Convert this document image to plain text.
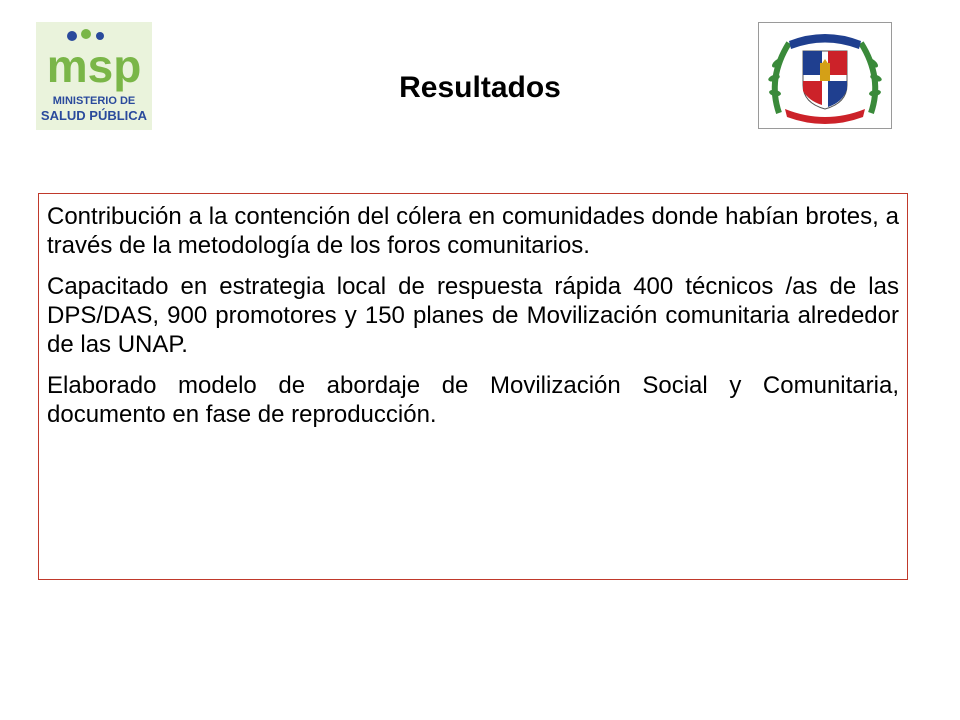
msp
MINISTERIO DE
SALUD PÚBLICA
Resultados

Contribución a la contención del cólera en comunidades donde habían brotes, a través de la metodología de los foros comunitarios.

Capacitado en estrategia local de respuesta rápida 400 técnicos /as de las DPS/DAS, 900 promotores y 150 planes de Movilización comunitaria alrededor de las UNAP.

Elaborado modelo de abordaje de Movilización Social y Comunitaria, documento en fase de reproducción.
